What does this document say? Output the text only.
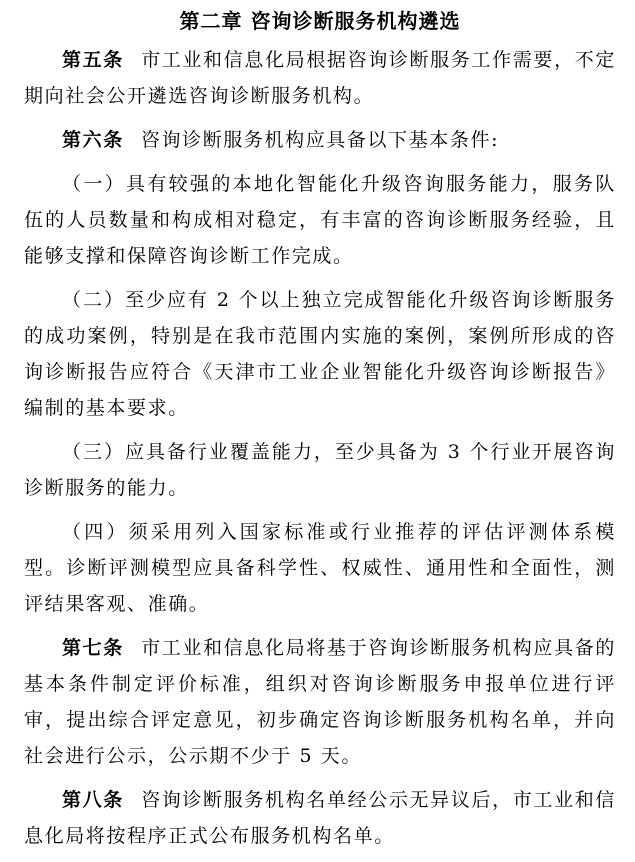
第二章 咨询诊断服务机构遴选

第五条 市工业和信息化局根据咨询诊断服务工作需要，不定期向社会公开遴选咨询诊断服务机构。

第六条 咨询诊断服务机构应具备以下基本条件:

（一）具有较强的本地化智能化升级咨询服务能力，服务队伍的人员数量和构成相对稳定，有丰富的咨询诊断服务经验，且能够支撑和保障咨询诊断工作完成。

（二）至少应有 2 个以上独立完成智能化升级咨询诊断服务的成功案例，特别是在我市范围内实施的案例，案例所形成的咨询诊断报告应符合《天津市工业企业智能化升级咨询诊断报告》编制的基本要求。

（三）应具备行业覆盖能力，至少具备为 3 个行业开展咨询诊断服务的能力。

（四）须采用列入国家标准或行业推荐的评估评测体系模型。诊断评测模型应具备科学性、权威性、通用性和全面性，测评结果客观、准确。

第七条 市工业和信息化局将基于咨询诊断服务机构应具备的基本条件制定评价标准，组织对咨询诊断服务申报单位进行评审，提出综合评定意见，初步确定咨询诊断服务机构名单，并向社会进行公示，公示期不少于 5 天。

第八条 咨询诊断服务机构名单经公示无异议后，市工业和信息化局将按程序正式公布服务机构名单。
